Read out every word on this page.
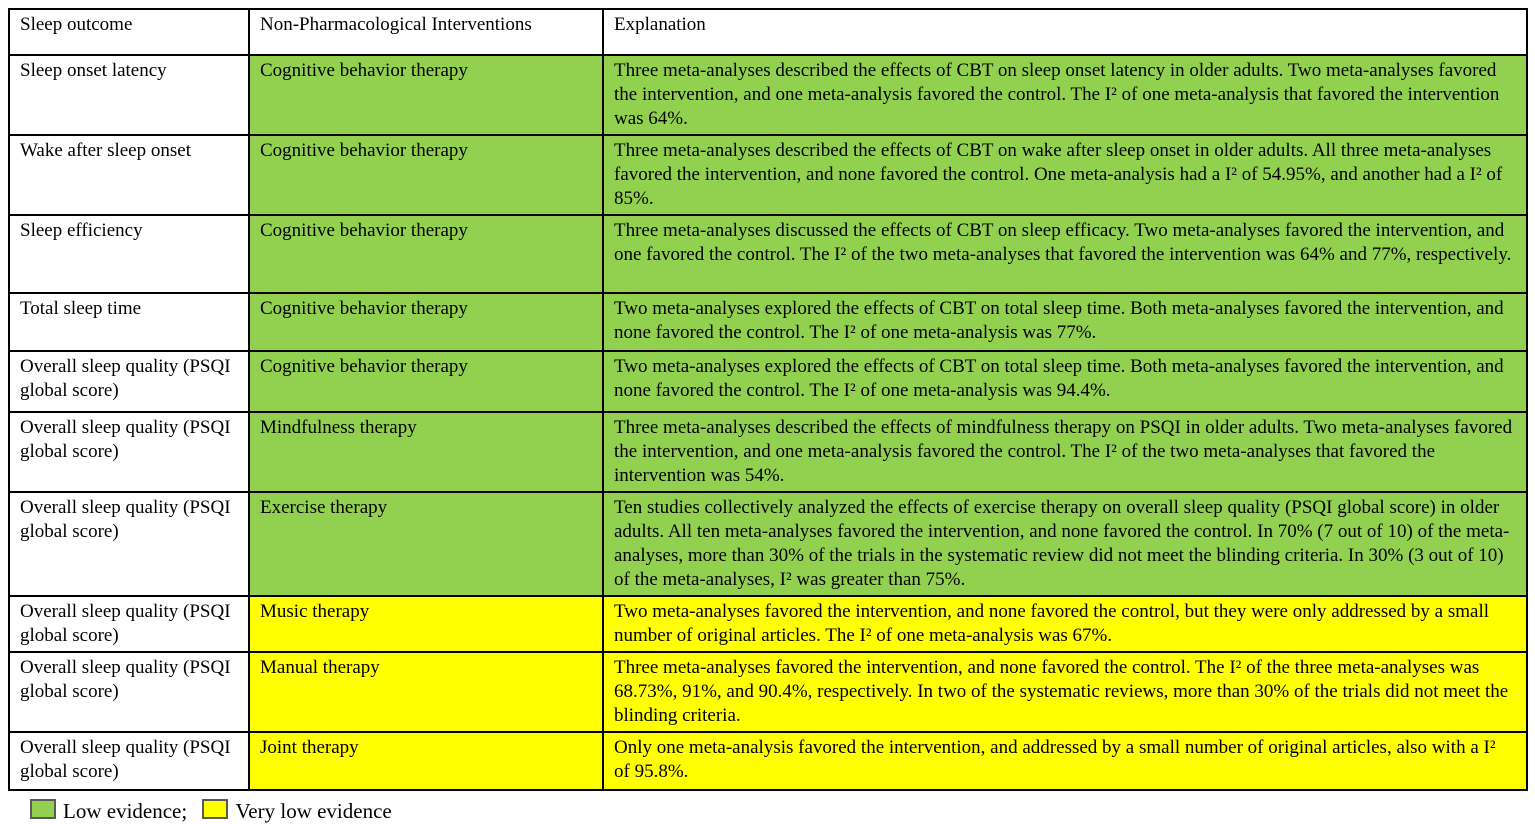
Sleep outcome	Non-Pharmacological Interventions	Explanation
Sleep onset latency	Cognitive behavior therapy	Three meta-analyses described the effects of CBT on sleep onset latency in older adults. Two meta-analyses favored the intervention, and one meta-analysis favored the control. The I² of one meta-analysis that favored the intervention was 64%.
Wake after sleep onset	Cognitive behavior therapy	Three meta-analyses described the effects of CBT on wake after sleep onset in older adults. All three meta-analyses favored the intervention, and none favored the control. One meta-analysis had a I² of 54.95%, and another had a I² of 85%.
Sleep efficiency	Cognitive behavior therapy	Three meta-analyses discussed the effects of CBT on sleep efficacy. Two meta-analyses favored the intervention, and one favored the control. The I² of the two meta-analyses that favored the intervention was 64% and 77%, respectively.
Total sleep time	Cognitive behavior therapy	Two meta-analyses explored the effects of CBT on total sleep time. Both meta-analyses favored the intervention, and none favored the control. The I² of one meta-analysis was 77%.
Overall sleep quality (PSQI global score)	Cognitive behavior therapy	Two meta-analyses explored the effects of CBT on total sleep time. Both meta-analyses favored the intervention, and none favored the control. The I² of one meta-analysis was 94.4%.
Overall sleep quality (PSQI global score)	Mindfulness therapy	Three meta-analyses described the effects of mindfulness therapy on PSQI in older adults. Two meta-analyses favored the intervention, and one meta-analysis favored the control. The I² of the two meta-analyses that favored the intervention was 54%.
Overall sleep quality (PSQI global score)	Exercise therapy	Ten studies collectively analyzed the effects of exercise therapy on overall sleep quality (PSQI global score) in older adults. All ten meta-analyses favored the intervention, and none favored the control. In 70% (7 out of 10) of the meta-analyses, more than 30% of the trials in the systematic review did not meet the blinding criteria. In 30% (3 out of 10) of the meta-analyses, I² was greater than 75%.
Overall sleep quality (PSQI global score)	Music therapy	Two meta-analyses favored the intervention, and none favored the control, but they were only addressed by a small number of original articles. The I² of one meta-analysis was 67%.
Overall sleep quality (PSQI global score)	Manual therapy	Three meta-analyses favored the intervention, and none favored the control. The I² of the three meta-analyses was 68.73%, 91%, and 90.4%, respectively. In two of the systematic reviews, more than 30% of the trials did not meet the blinding criteria.
Overall sleep quality (PSQI global score)	Joint therapy	Only one meta-analysis favored the intervention, and addressed by a small number of original articles, also with a I² of 95.8%.
Low evidence; Very low evidence
